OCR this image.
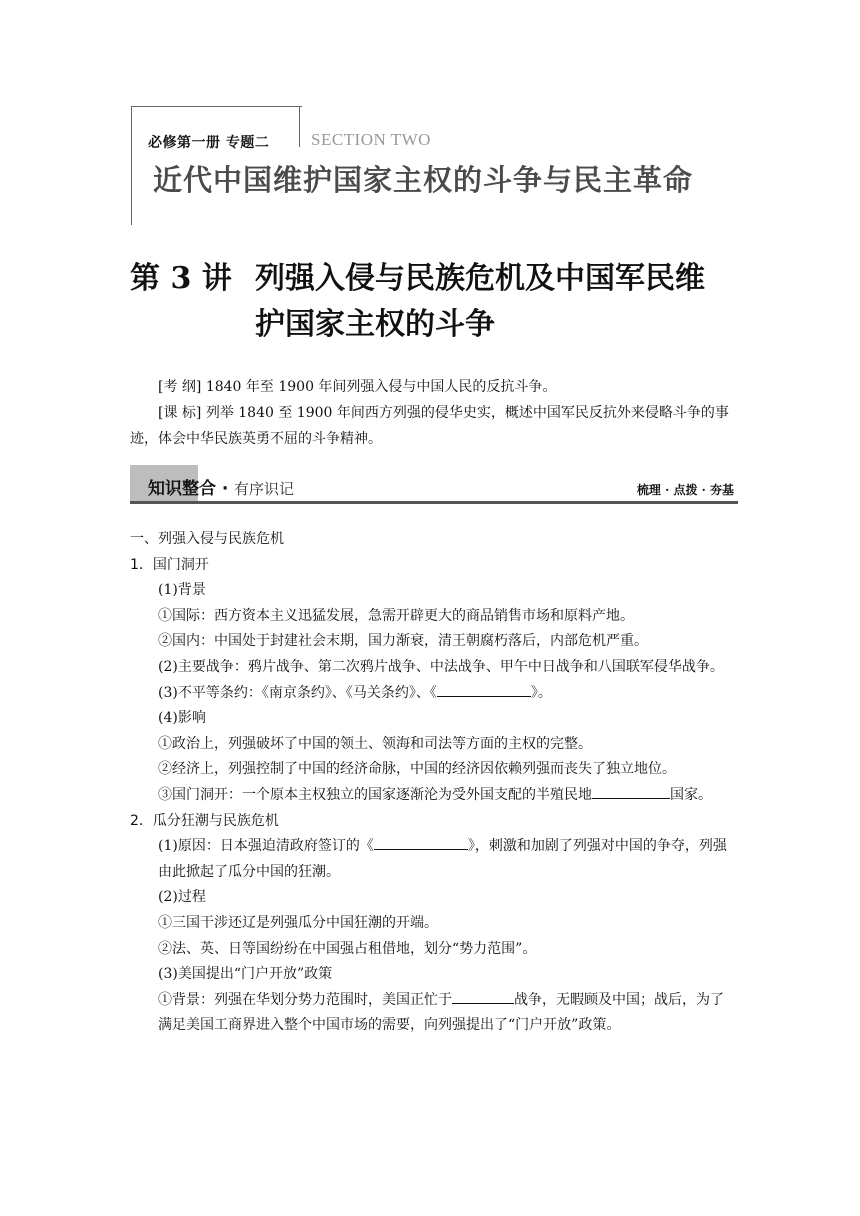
必修第一册 专题二 SECTION TWO
近代中国维护国家主权的斗争与民主革命
第 3 讲 列强入侵与民族危机及中国军民维
护国家主权的斗争

[考 纲] 1840 年至 1900 年间列强入侵与中国人民的反抗斗争。

[课 标] 列举 1840 至 1900 年间西方列强的侵华史实，概述中国军民反抗外来侵略斗争的事迹，体会中华民族英勇不屈的斗争精神。

知识整合 · 有序识记	梳理 · 点拨 · 夯基

一、列强入侵与民族危机

1．国门洞开

(1)背景

①国际：西方资本主义迅猛发展，急需开辟更大的商品销售市场和原料产地。

②国内：中国处于封建社会末期，国力渐衰，清王朝腐朽落后，内部危机严重。

(2)主要战争：鸦片战争、第二次鸦片战争、中法战争、甲午中日战争和八国联军侵华战争。

(3)不平等条约：《南京条约》、《马关条约》、《	》。

(4)影响

①政治上，列强破坏了中国的领土、领海和司法等方面的主权的完整。

②经济上，列强控制了中国的经济命脉，中国的经济因依赖列强而丧失了独立地位。

③国门洞开：一个原本主权独立的国家逐渐沦为受外国支配的半殖民地	国家。

2．瓜分狂潮与民族危机

(1)原因：日本强迫清政府签订的《	》，刺激和加剧了列强对中国的争夺，列强由此掀起了瓜分中国的狂潮。

(2)过程

①三国干涉还辽是列强瓜分中国狂潮的开端。

②法、英、日等国纷纷在中国强占租借地，划分“势力范围”。

(3)美国提出“门户开放”政策

①背景：列强在华划分势力范围时，美国正忙于	战争，无暇顾及中国；战后，为了满足美国工商界进入整个中国市场的需要，向列强提出了“门户开放”政策。
